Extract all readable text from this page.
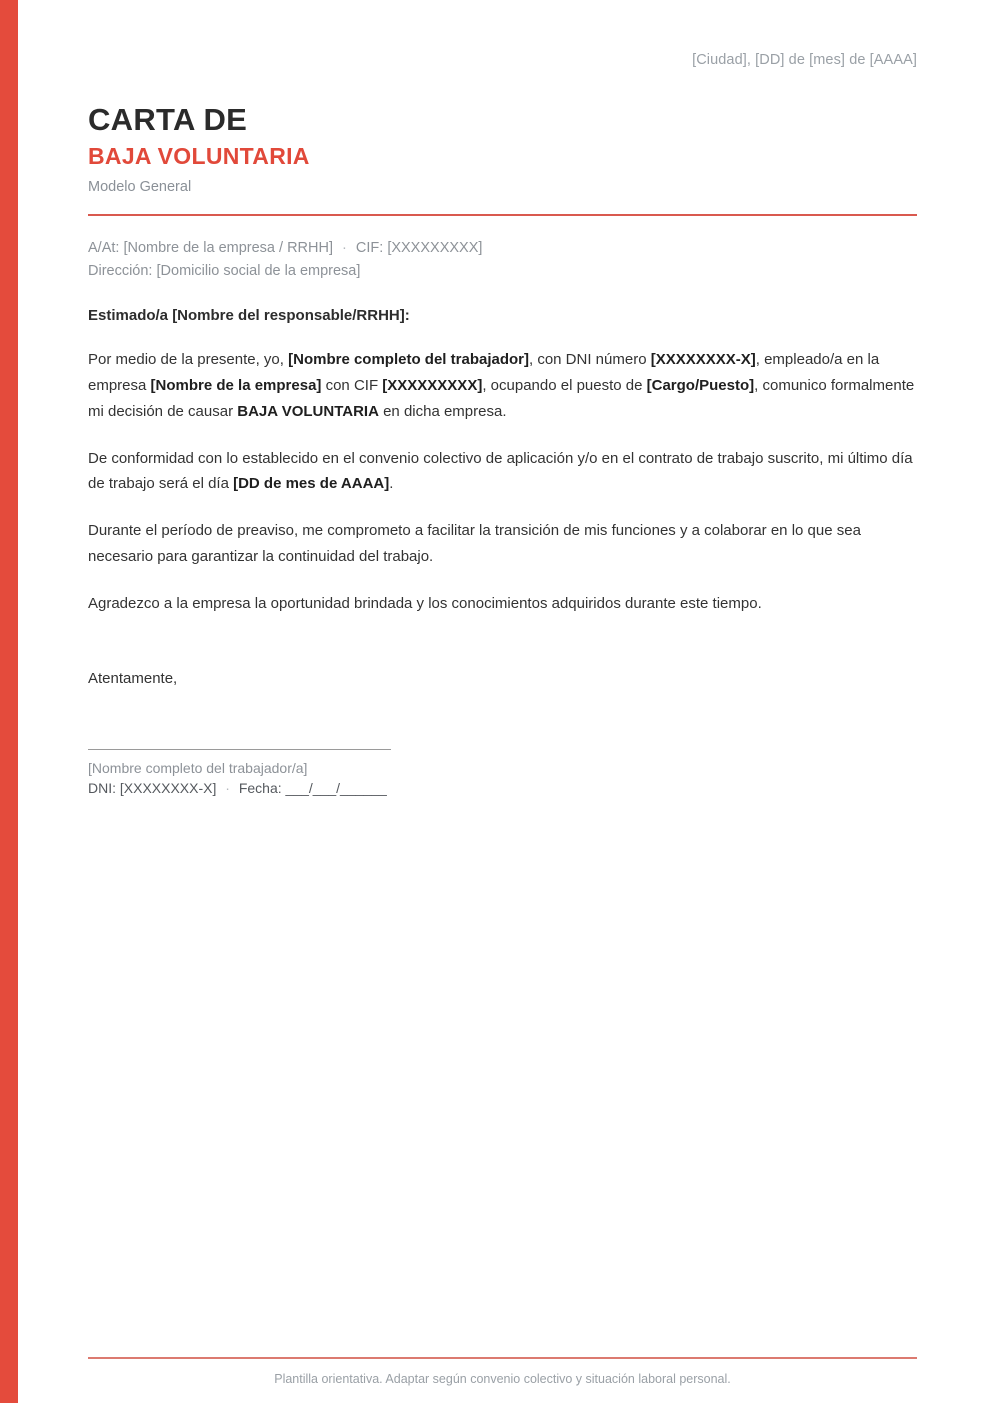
[Ciudad], [DD] de [mes] de [AAAA]
CARTA DE
BAJA VOLUNTARIA
Modelo General
A/At: [Nombre de la empresa / RRHH] · CIF: [XXXXXXXXX]
Dirección: [Domicilio social de la empresa]
Estimado/a [Nombre del responsable/RRHH]:

Por medio de la presente, yo, [Nombre completo del trabajador], con DNI número [XXXXXXXX-X], empleado/a en la empresa [Nombre de la empresa] con CIF [XXXXXXXXX], ocupando el puesto de [Cargo/Puesto], comunico formalmente mi decisión de causar BAJA VOLUNTARIA en dicha empresa.

De conformidad con lo establecido en el convenio colectivo de aplicación y/o en el contrato de trabajo suscrito, mi último día de trabajo será el día [DD de mes de AAAA].

Durante el período de preaviso, me comprometo a facilitar la transición de mis funciones y a colaborar en lo que sea necesario para garantizar la continuidad del trabajo.

Agradezco a la empresa la oportunidad brindada y los conocimientos adquiridos durante este tiempo.

Atentamente,
[Nombre completo del trabajador/a]
DNI: [XXXXXXXX-X] · Fecha: ___/___/______
Plantilla orientativa. Adaptar según convenio colectivo y situación laboral personal.
